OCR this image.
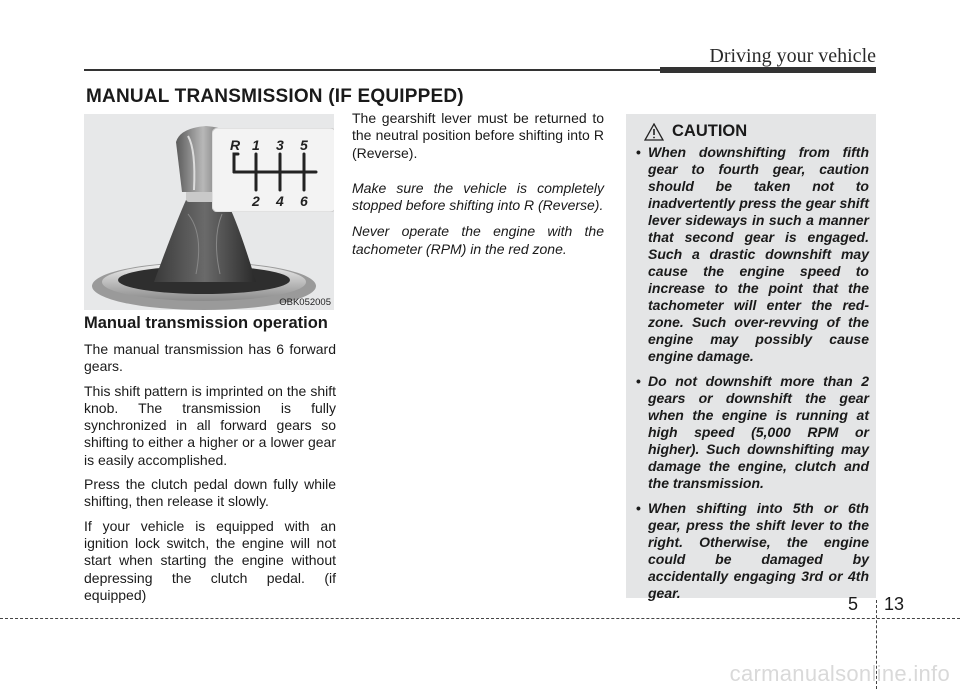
Driving your vehicle
MANUAL TRANSMISSION (IF EQUIPPED)
R 1 3 5
2 4 6
OBK052005
Manual transmission operation

The manual transmission has 6 forward gears.

This shift pattern is imprinted on the shift knob. The transmission is fully synchronized in all forward gears so shifting to either a higher or a lower gear is easily accomplished.

Press the clutch pedal down fully while shifting, then release it slowly.

If your vehicle is equipped with an ignition lock switch, the engine will not start when starting the engine without depressing the clutch pedal. (if equipped)

The gearshift lever must be returned to the neutral position before shifting into R (Reverse).

Make sure the vehicle is completely stopped before shifting into R (Reverse).

Never operate the engine with the tachometer (RPM) in the red zone.

CAUTION
• When downshifting from fifth gear to fourth gear, caution should be taken not to inadvertently press the gear shift lever sideways in such a manner that second gear is engaged. Such a drastic downshift may cause the engine speed to increase to the point that the tachometer will enter the red-zone. Such over-revving of the engine may possibly cause engine damage.
• Do not downshift more than 2 gears or downshift the gear when the engine is running at high speed (5,000 RPM or higher). Such downshifting may damage the engine, clutch and the transmission.
• When shifting into 5th or 6th gear, press the shift lever to the right. Otherwise, the engine could be damaged by accidentally engaging 3rd or 4th gear.
5 13
carmanualsonline.info
